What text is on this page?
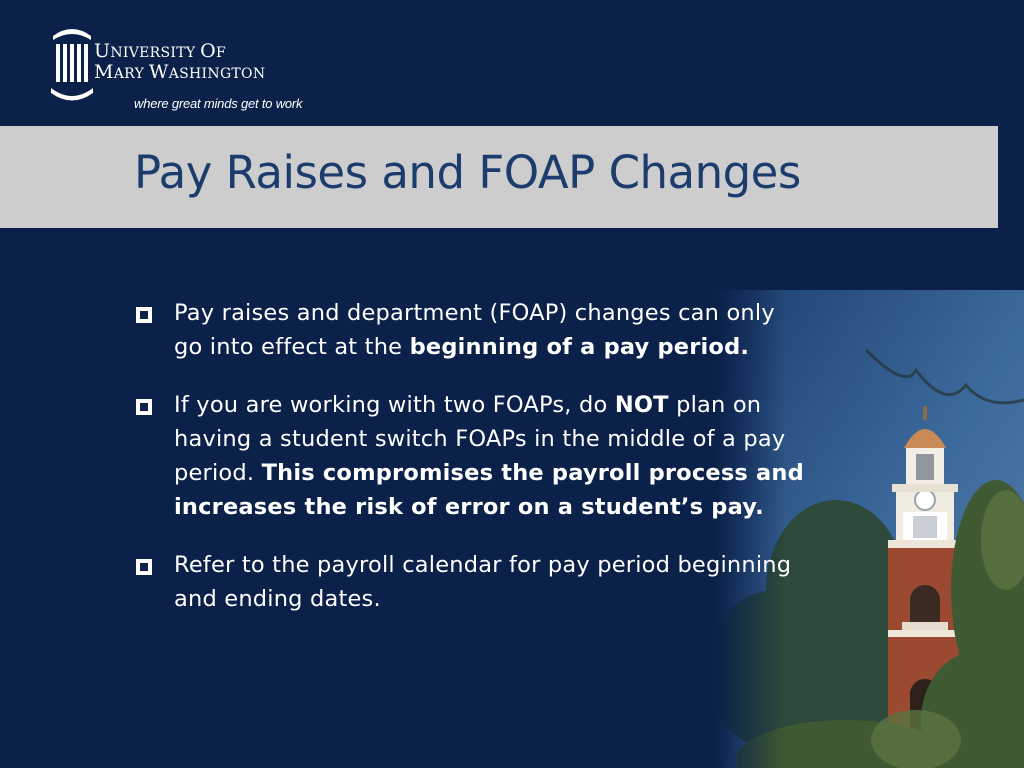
UNIVERSITY OF
MARY WASHINGTON
where great minds get to work
Pay Raises and FOAP Changes
Pay raises and department (FOAP) changes can only go into effect at the beginning of a pay period.
If you are working with two FOAPs, do NOT plan on having a student switch FOAPs in the middle of a pay period. This compromises the payroll process and increases the risk of error on a student’s pay.
Refer to the payroll calendar for pay period beginning and ending dates.
